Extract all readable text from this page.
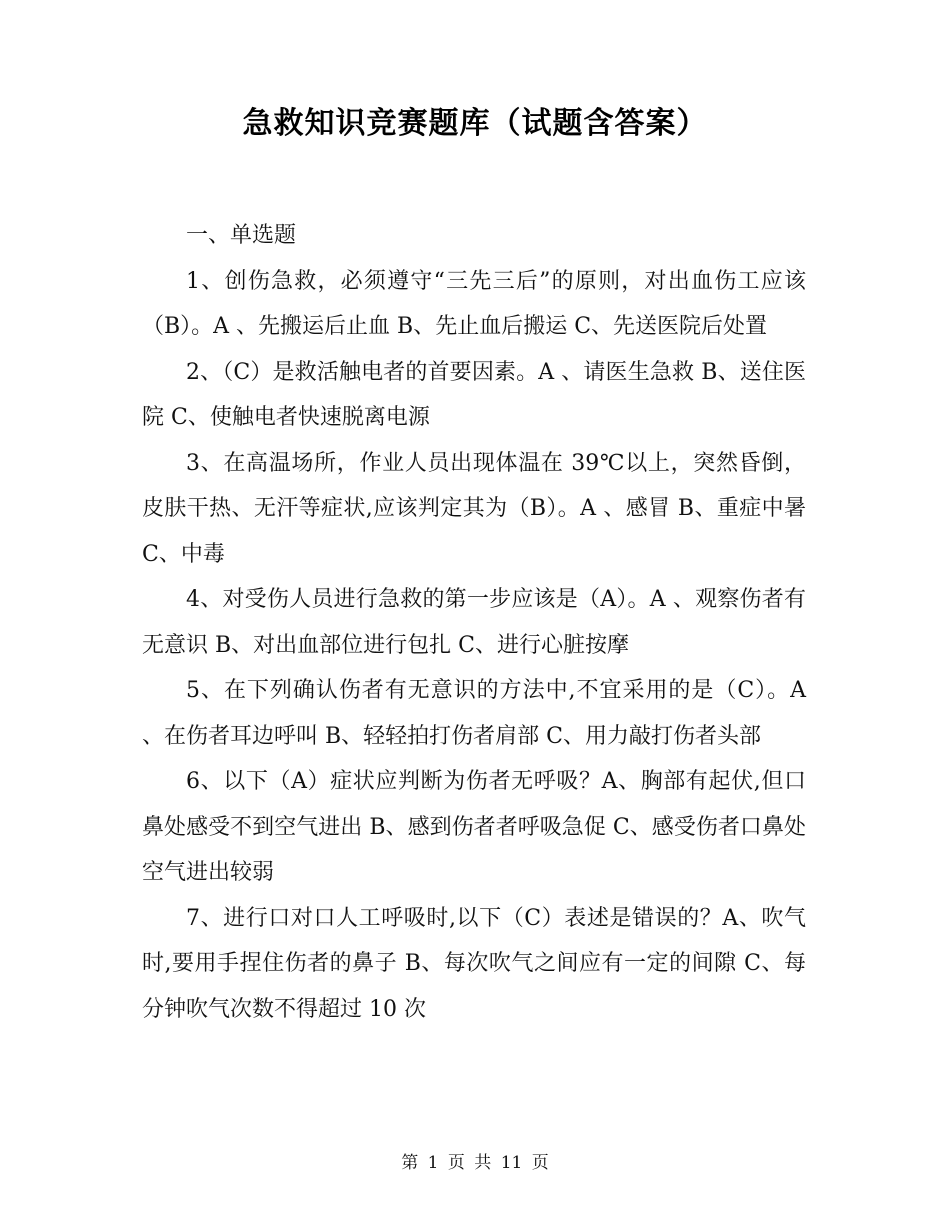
急救知识竞赛题库（试题含答案）

一、单选题

1、创伤急救，必须遵守“三先三后”的原则，对出血伤工应该（B）。A 、先搬运后止血 B、先止血后搬运 C、先送医院后处置

2、（C）是救活触电者的首要因素。A 、请医生急救 B、送住医院 C、使触电者快速脱离电源

3、在高温场所，作业人员出现体温在 39℃以上，突然昏倒，皮肤干热、无汗等症状,应该判定其为（B）。A 、感冒 B、重症中暑 C、中毒

4、对受伤人员进行急救的第一步应该是（A）。A 、观察伤者有无意识 B、对出血部位进行包扎 C、进行心脏按摩

5、在下列确认伤者有无意识的方法中,不宜采用的是（C）。A 、在伤者耳边呼叫 B、轻轻拍打伤者肩部 C、用力敲打伤者头部

6、以下（A）症状应判断为伤者无呼吸？A、胸部有起伏,但口鼻处感受不到空气进出 B、感到伤者者呼吸急促 C、感受伤者口鼻处空气进出较弱

7、进行口对口人工呼吸时,以下（C）表述是错误的？A、吹气时,要用手捏住伤者的鼻子 B、每次吹气之间应有一定的间隙 C、每分钟吹气次数不得超过 10 次

第 1 页 共 11 页
